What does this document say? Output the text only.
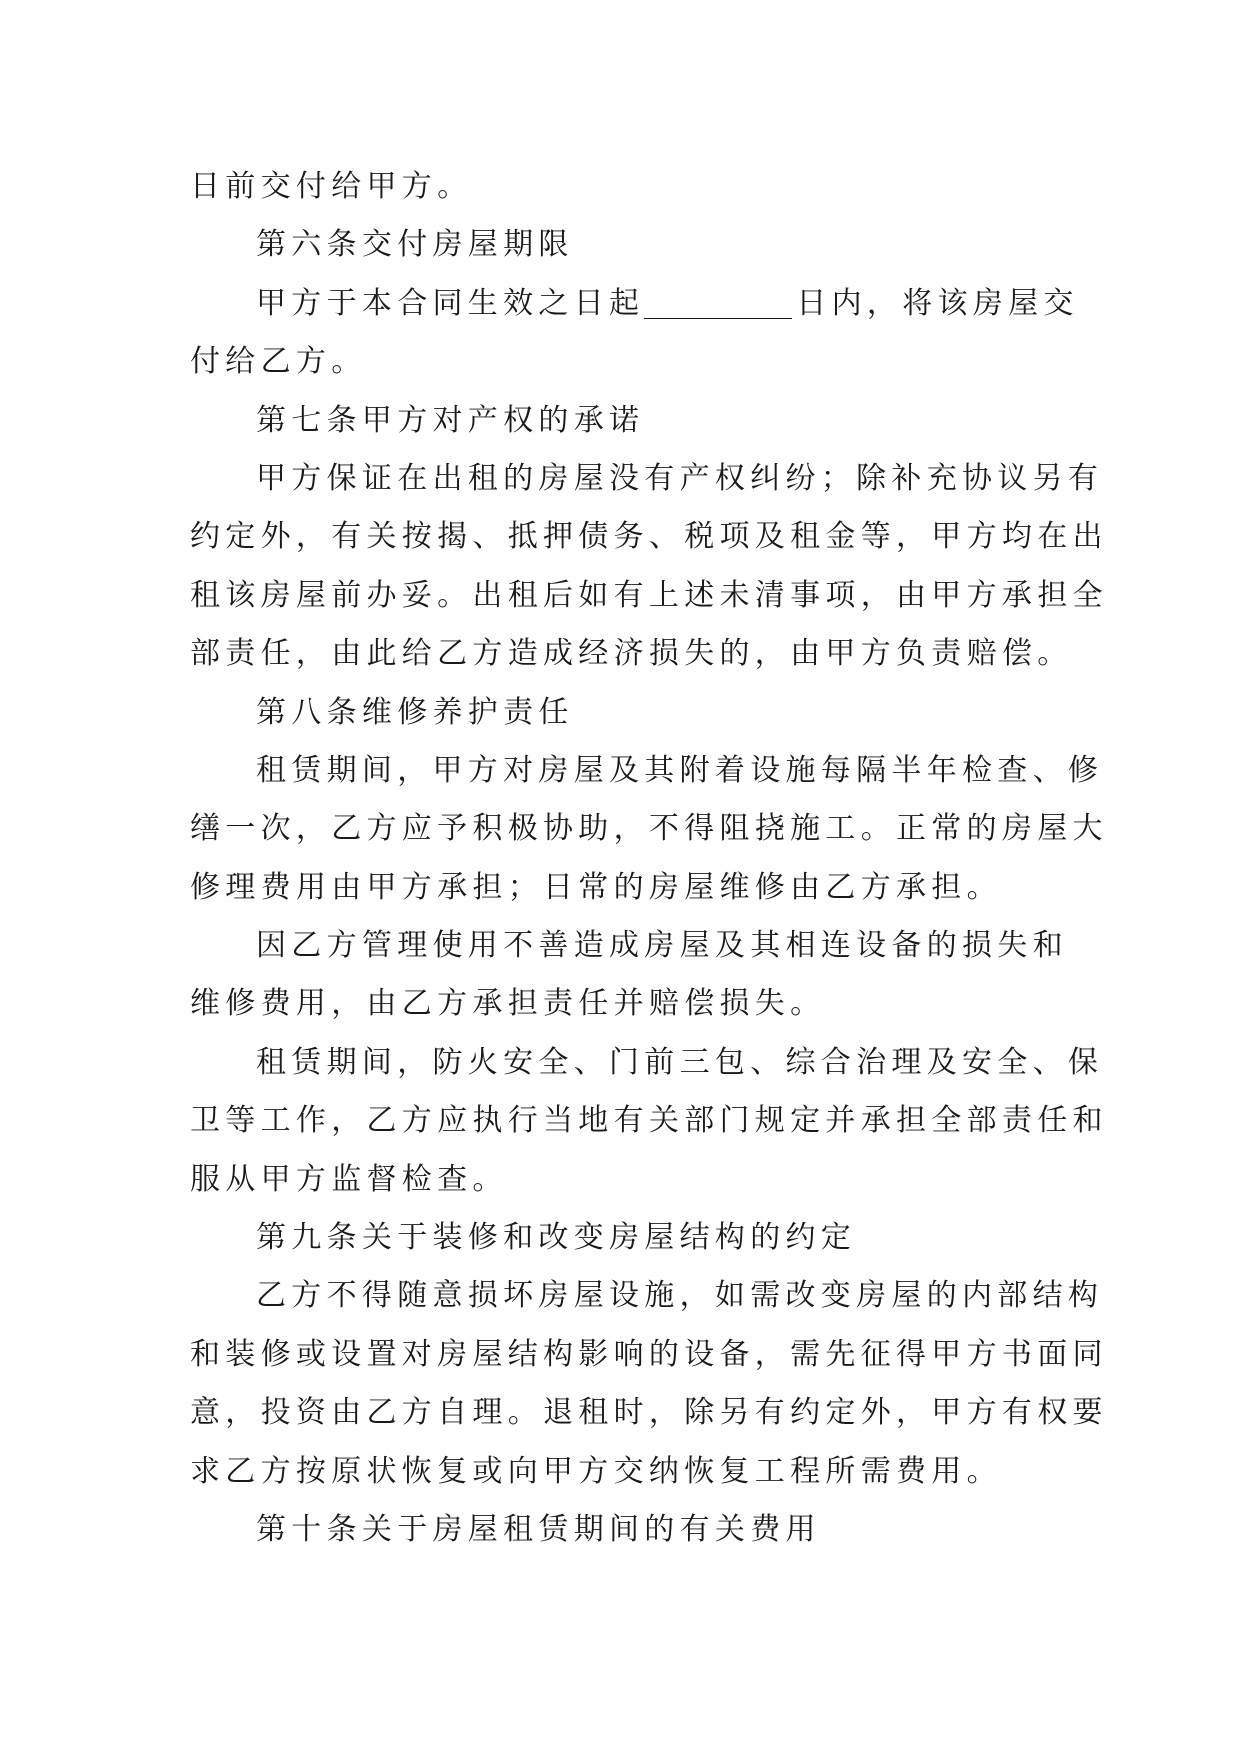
日前交付给甲方。
第六条交付房屋期限
甲方于本合同生效之日起	日内，将该房屋交
付给乙方。
第七条甲方对产权的承诺
甲方保证在出租的房屋没有产权纠纷；除补充协议另有
约定外，有关按揭、抵押债务、税项及租金等，甲方均在出
租该房屋前办妥。出租后如有上述未清事项，由甲方承担全
部责任，由此给乙方造成经济损失的，由甲方负责赔偿。
第八条维修养护责任
租赁期间，甲方对房屋及其附着设施每隔半年检查、修
缮一次，乙方应予积极协助，不得阻挠施工。正常的房屋大
修理费用由甲方承担；日常的房屋维修由乙方承担。
因乙方管理使用不善造成房屋及其相连设备的损失和
维修费用，由乙方承担责任并赔偿损失。
租赁期间，防火安全、门前三包、综合治理及安全、保
卫等工作，乙方应执行当地有关部门规定并承担全部责任和
服从甲方监督检查。
第九条关于装修和改变房屋结构的约定
乙方不得随意损坏房屋设施，如需改变房屋的内部结构
和装修或设置对房屋结构影响的设备，需先征得甲方书面同
意，投资由乙方自理。退租时，除另有约定外，甲方有权要
求乙方按原状恢复或向甲方交纳恢复工程所需费用。
第十条关于房屋租赁期间的有关费用
